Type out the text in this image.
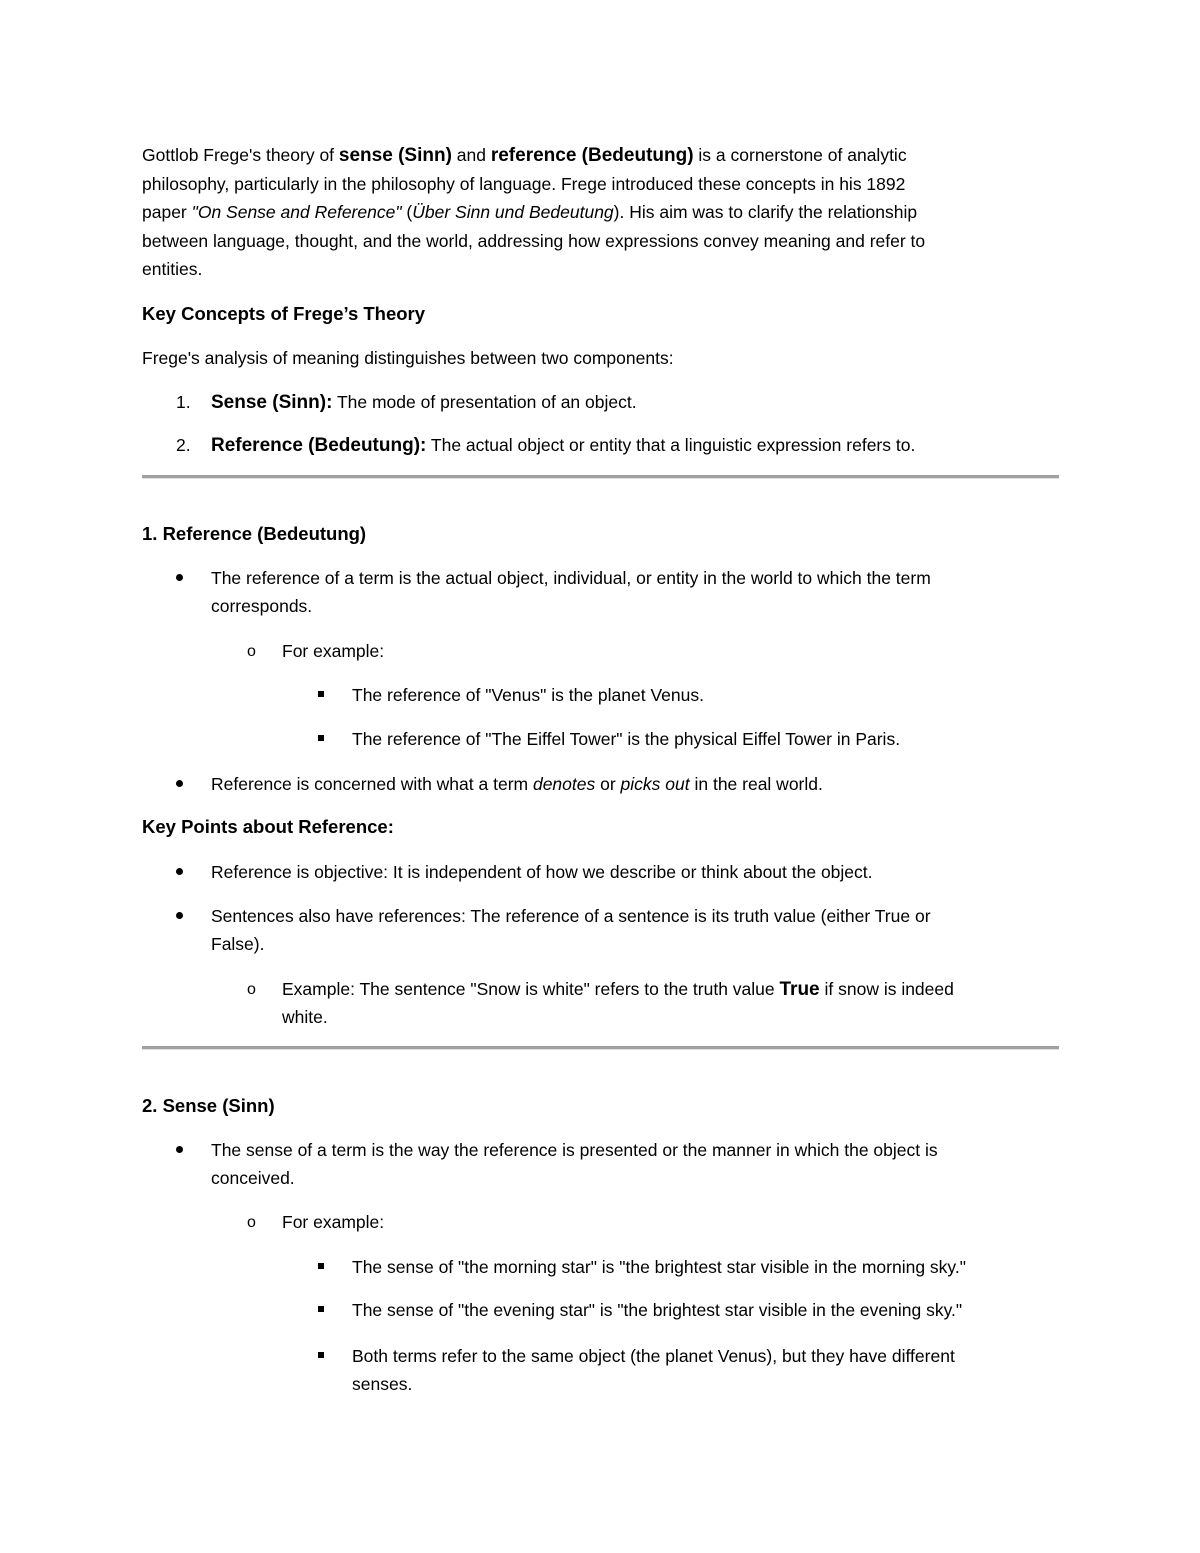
Gottlob Frege's theory of sense (Sinn) and reference (Bedeutung) is a cornerstone of analytic
philosophy, particularly in the philosophy of language. Frege introduced these concepts in his 1892
paper "On Sense and Reference" (Über Sinn und Bedeutung). His aim was to clarify the relationship
between language, thought, and the world, addressing how expressions convey meaning and refer to
entities.
Key Concepts of Frege’s Theory
Frege's analysis of meaning distinguishes between two components:
1. Sense (Sinn): The mode of presentation of an object.
2. Reference (Bedeutung): The actual object or entity that a linguistic expression refers to.
1. Reference (Bedeutung)
The reference of a term is the actual object, individual, or entity in the world to which the term
corresponds.
o For example:
The reference of "Venus" is the planet Venus.
The reference of "The Eiffel Tower" is the physical Eiffel Tower in Paris.
Reference is concerned with what a term denotes or picks out in the real world.
Key Points about Reference:
Reference is objective: It is independent of how we describe or think about the object.
Sentences also have references: The reference of a sentence is its truth value (either True or
False).
o Example: The sentence "Snow is white" refers to the truth value True if snow is indeed
white.
2. Sense (Sinn)
The sense of a term is the way the reference is presented or the manner in which the object is
conceived.
o For example:
The sense of "the morning star" is "the brightest star visible in the morning sky."
The sense of "the evening star" is "the brightest star visible in the evening sky."
Both terms refer to the same object (the planet Venus), but they have different
senses.
